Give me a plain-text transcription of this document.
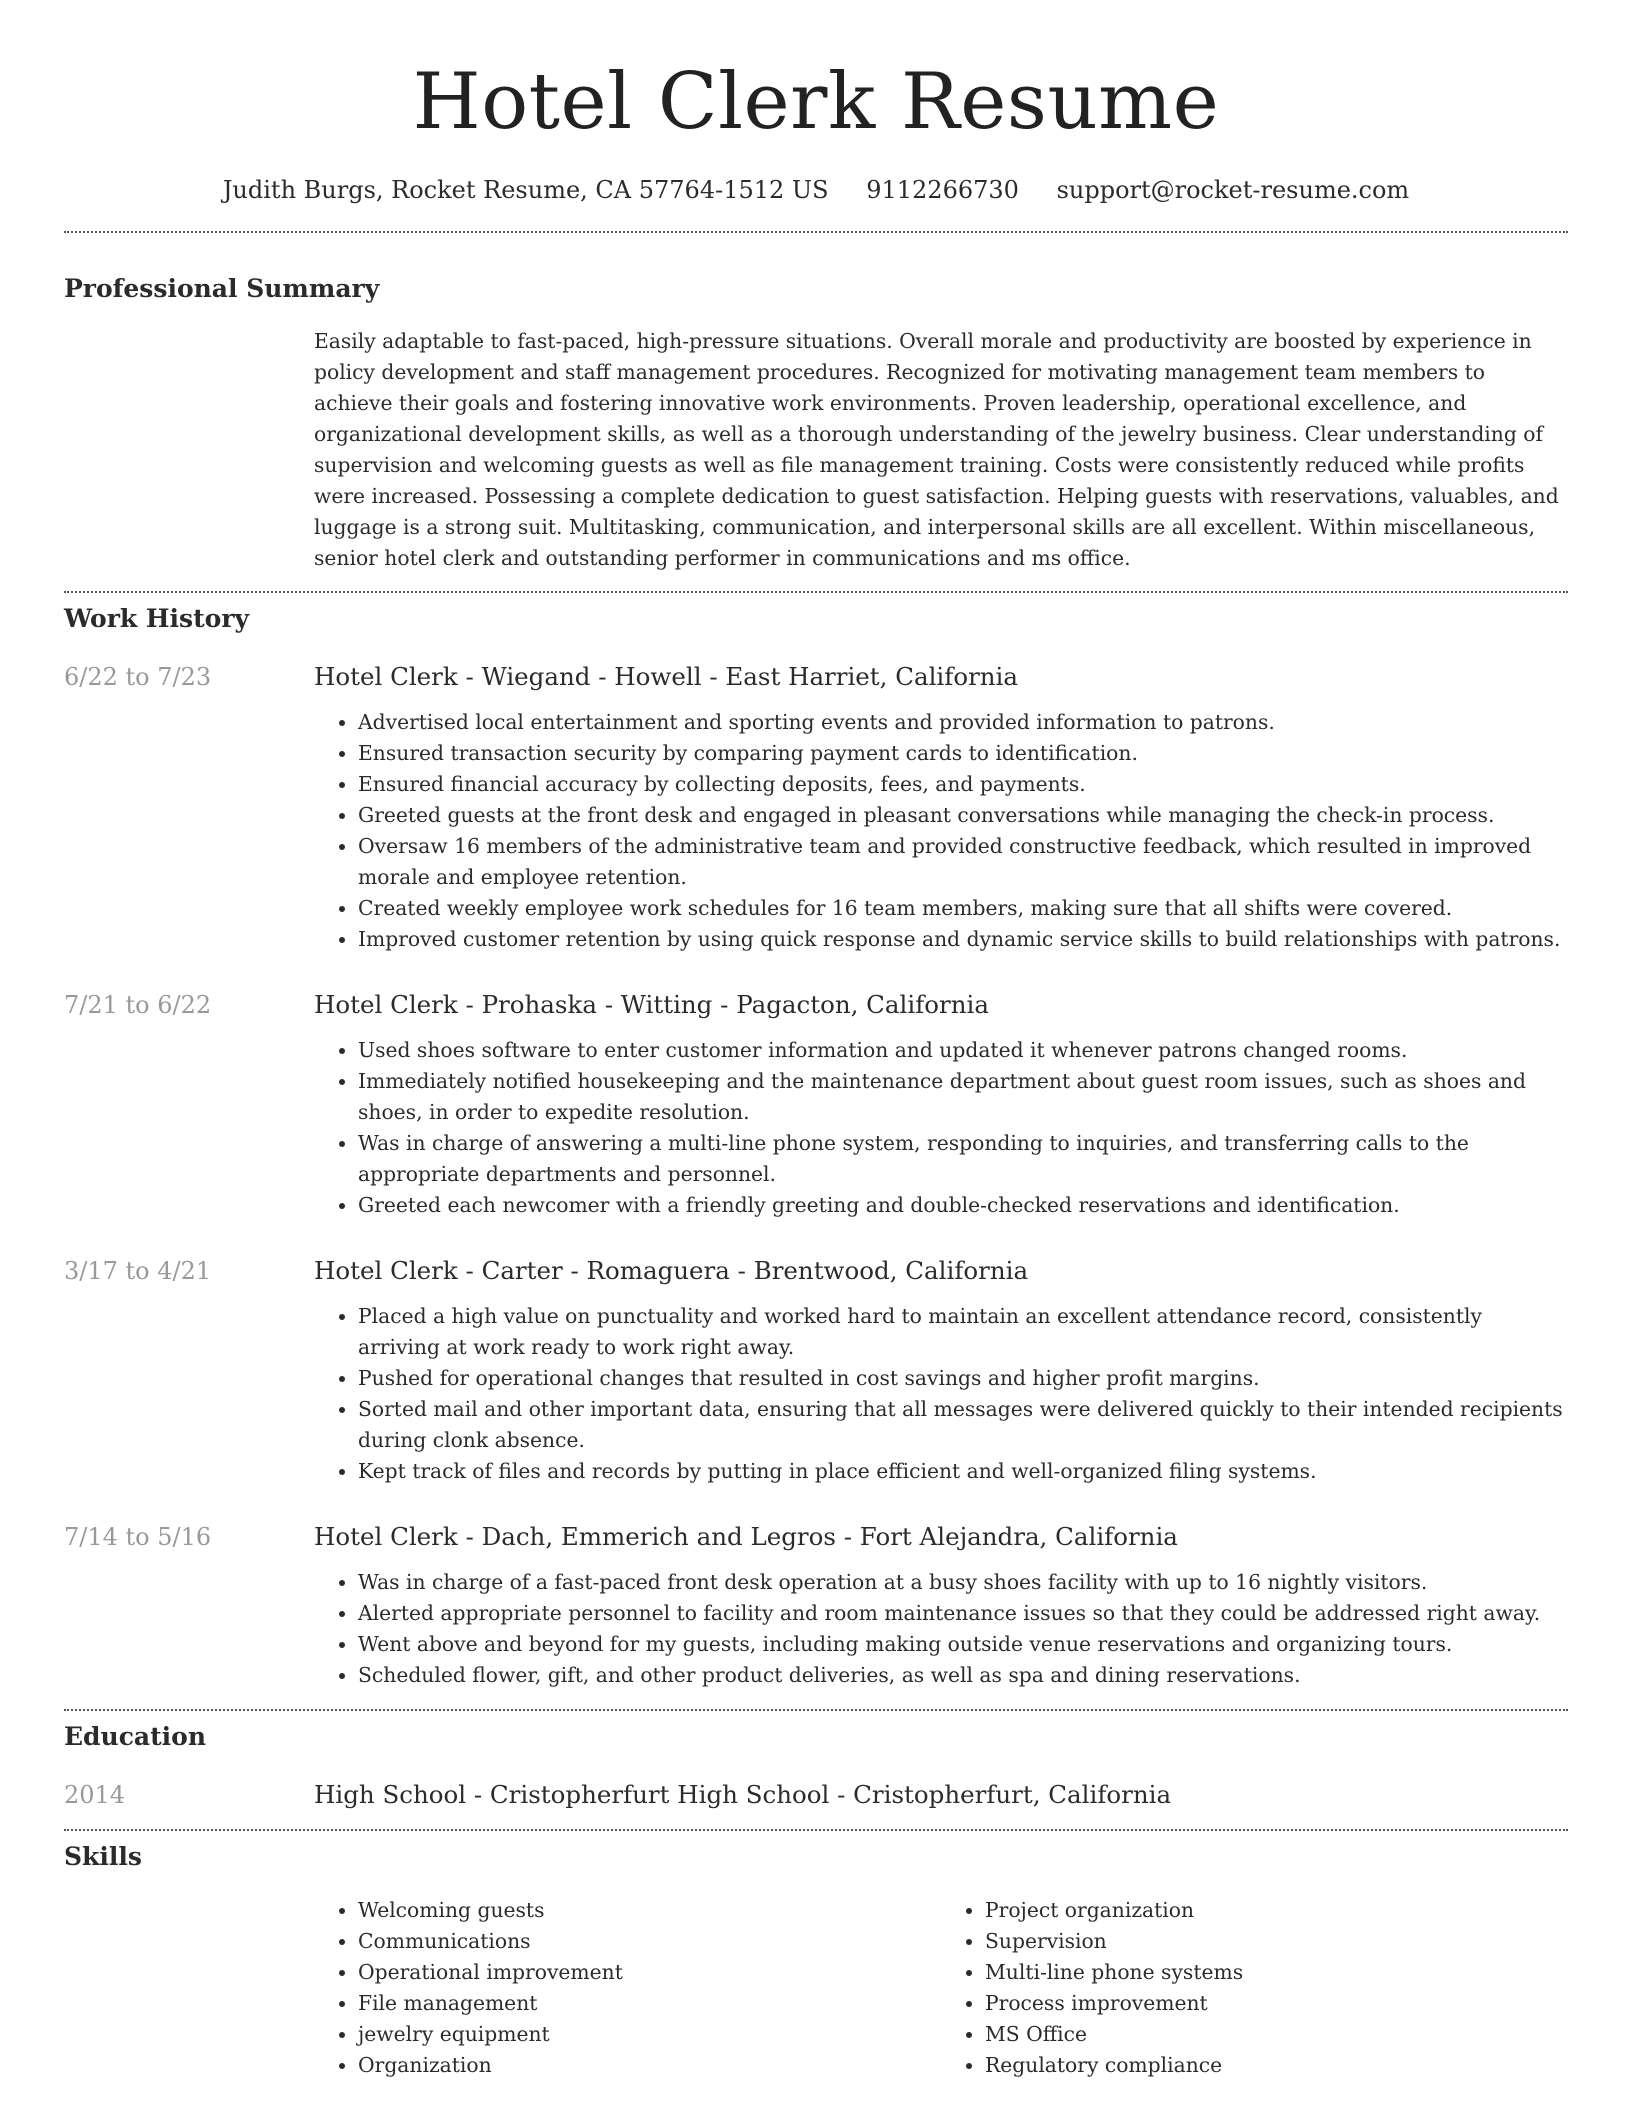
Hotel Clerk Resume
Judith Burgs, Rocket Resume, CA 57764-1512 US 9112266730 support@rocket-resume.com
Professional Summary

Easily adaptable to fast-paced, high-pressure situations. Overall morale and productivity are boosted by experience in policy development and staff management procedures. Recognized for motivating management team members to achieve their goals and fostering innovative work environments. Proven leadership, operational excellence, and organizational development skills, as well as a thorough understanding of the jewelry business. Clear understanding of supervision and welcoming guests as well as file management training. Costs were consistently reduced while profits were increased. Possessing a complete dedication to guest satisfaction. Helping guests with reservations, valuables, and luggage is a strong suit. Multitasking, communication, and interpersonal skills are all excellent. Within miscellaneous, senior hotel clerk and outstanding performer in communications and ms office.

Work History
6/22 to 7/23	Hotel Clerk - Wiegand - Howell - East Harriet, California

• Advertised local entertainment and sporting events and provided information to patrons.
• Ensured transaction security by comparing payment cards to identification.
• Ensured financial accuracy by collecting deposits, fees, and payments.
• Greeted guests at the front desk and engaged in pleasant conversations while managing the check-in process.
• Oversaw 16 members of the administrative team and provided constructive feedback, which resulted in improved morale and employee retention.
• Created weekly employee work schedules for 16 team members, making sure that all shifts were covered.
• Improved customer retention by using quick response and dynamic service skills to build relationships with patrons.
7/21 to 6/22	Hotel Clerk - Prohaska - Witting - Pagacton, California

• Used shoes software to enter customer information and updated it whenever patrons changed rooms.
• Immediately notified housekeeping and the maintenance department about guest room issues, such as shoes and shoes, in order to expedite resolution.
• Was in charge of answering a multi-line phone system, responding to inquiries, and transferring calls to the appropriate departments and personnel.
• Greeted each newcomer with a friendly greeting and double-checked reservations and identification.
3/17 to 4/21	Hotel Clerk - Carter - Romaguera - Brentwood, California

• Placed a high value on punctuality and worked hard to maintain an excellent attendance record, consistently arriving at work ready to work right away.
• Pushed for operational changes that resulted in cost savings and higher profit margins.
• Sorted mail and other important data, ensuring that all messages were delivered quickly to their intended recipients during clonk absence.
• Kept track of files and records by putting in place efficient and well-organized filing systems.
7/14 to 5/16	Hotel Clerk - Dach, Emmerich and Legros - Fort Alejandra, California

• Was in charge of a fast-paced front desk operation at a busy shoes facility with up to 16 nightly visitors.
• Alerted appropriate personnel to facility and room maintenance issues so that they could be addressed right away.
• Went above and beyond for my guests, including making outside venue reservations and organizing tours.
• Scheduled flower, gift, and other product deliveries, as well as spa and dining reservations.
Education
2014	High School - Cristopherfurt High School - Cristopherfurt, California

Skills
• Welcoming guests
• Communications
• Operational improvement
• File management
• jewelry equipment
• Organization
• Project organization
• Supervision
• Multi-line phone systems
• Process improvement
• MS Office
• Regulatory compliance
